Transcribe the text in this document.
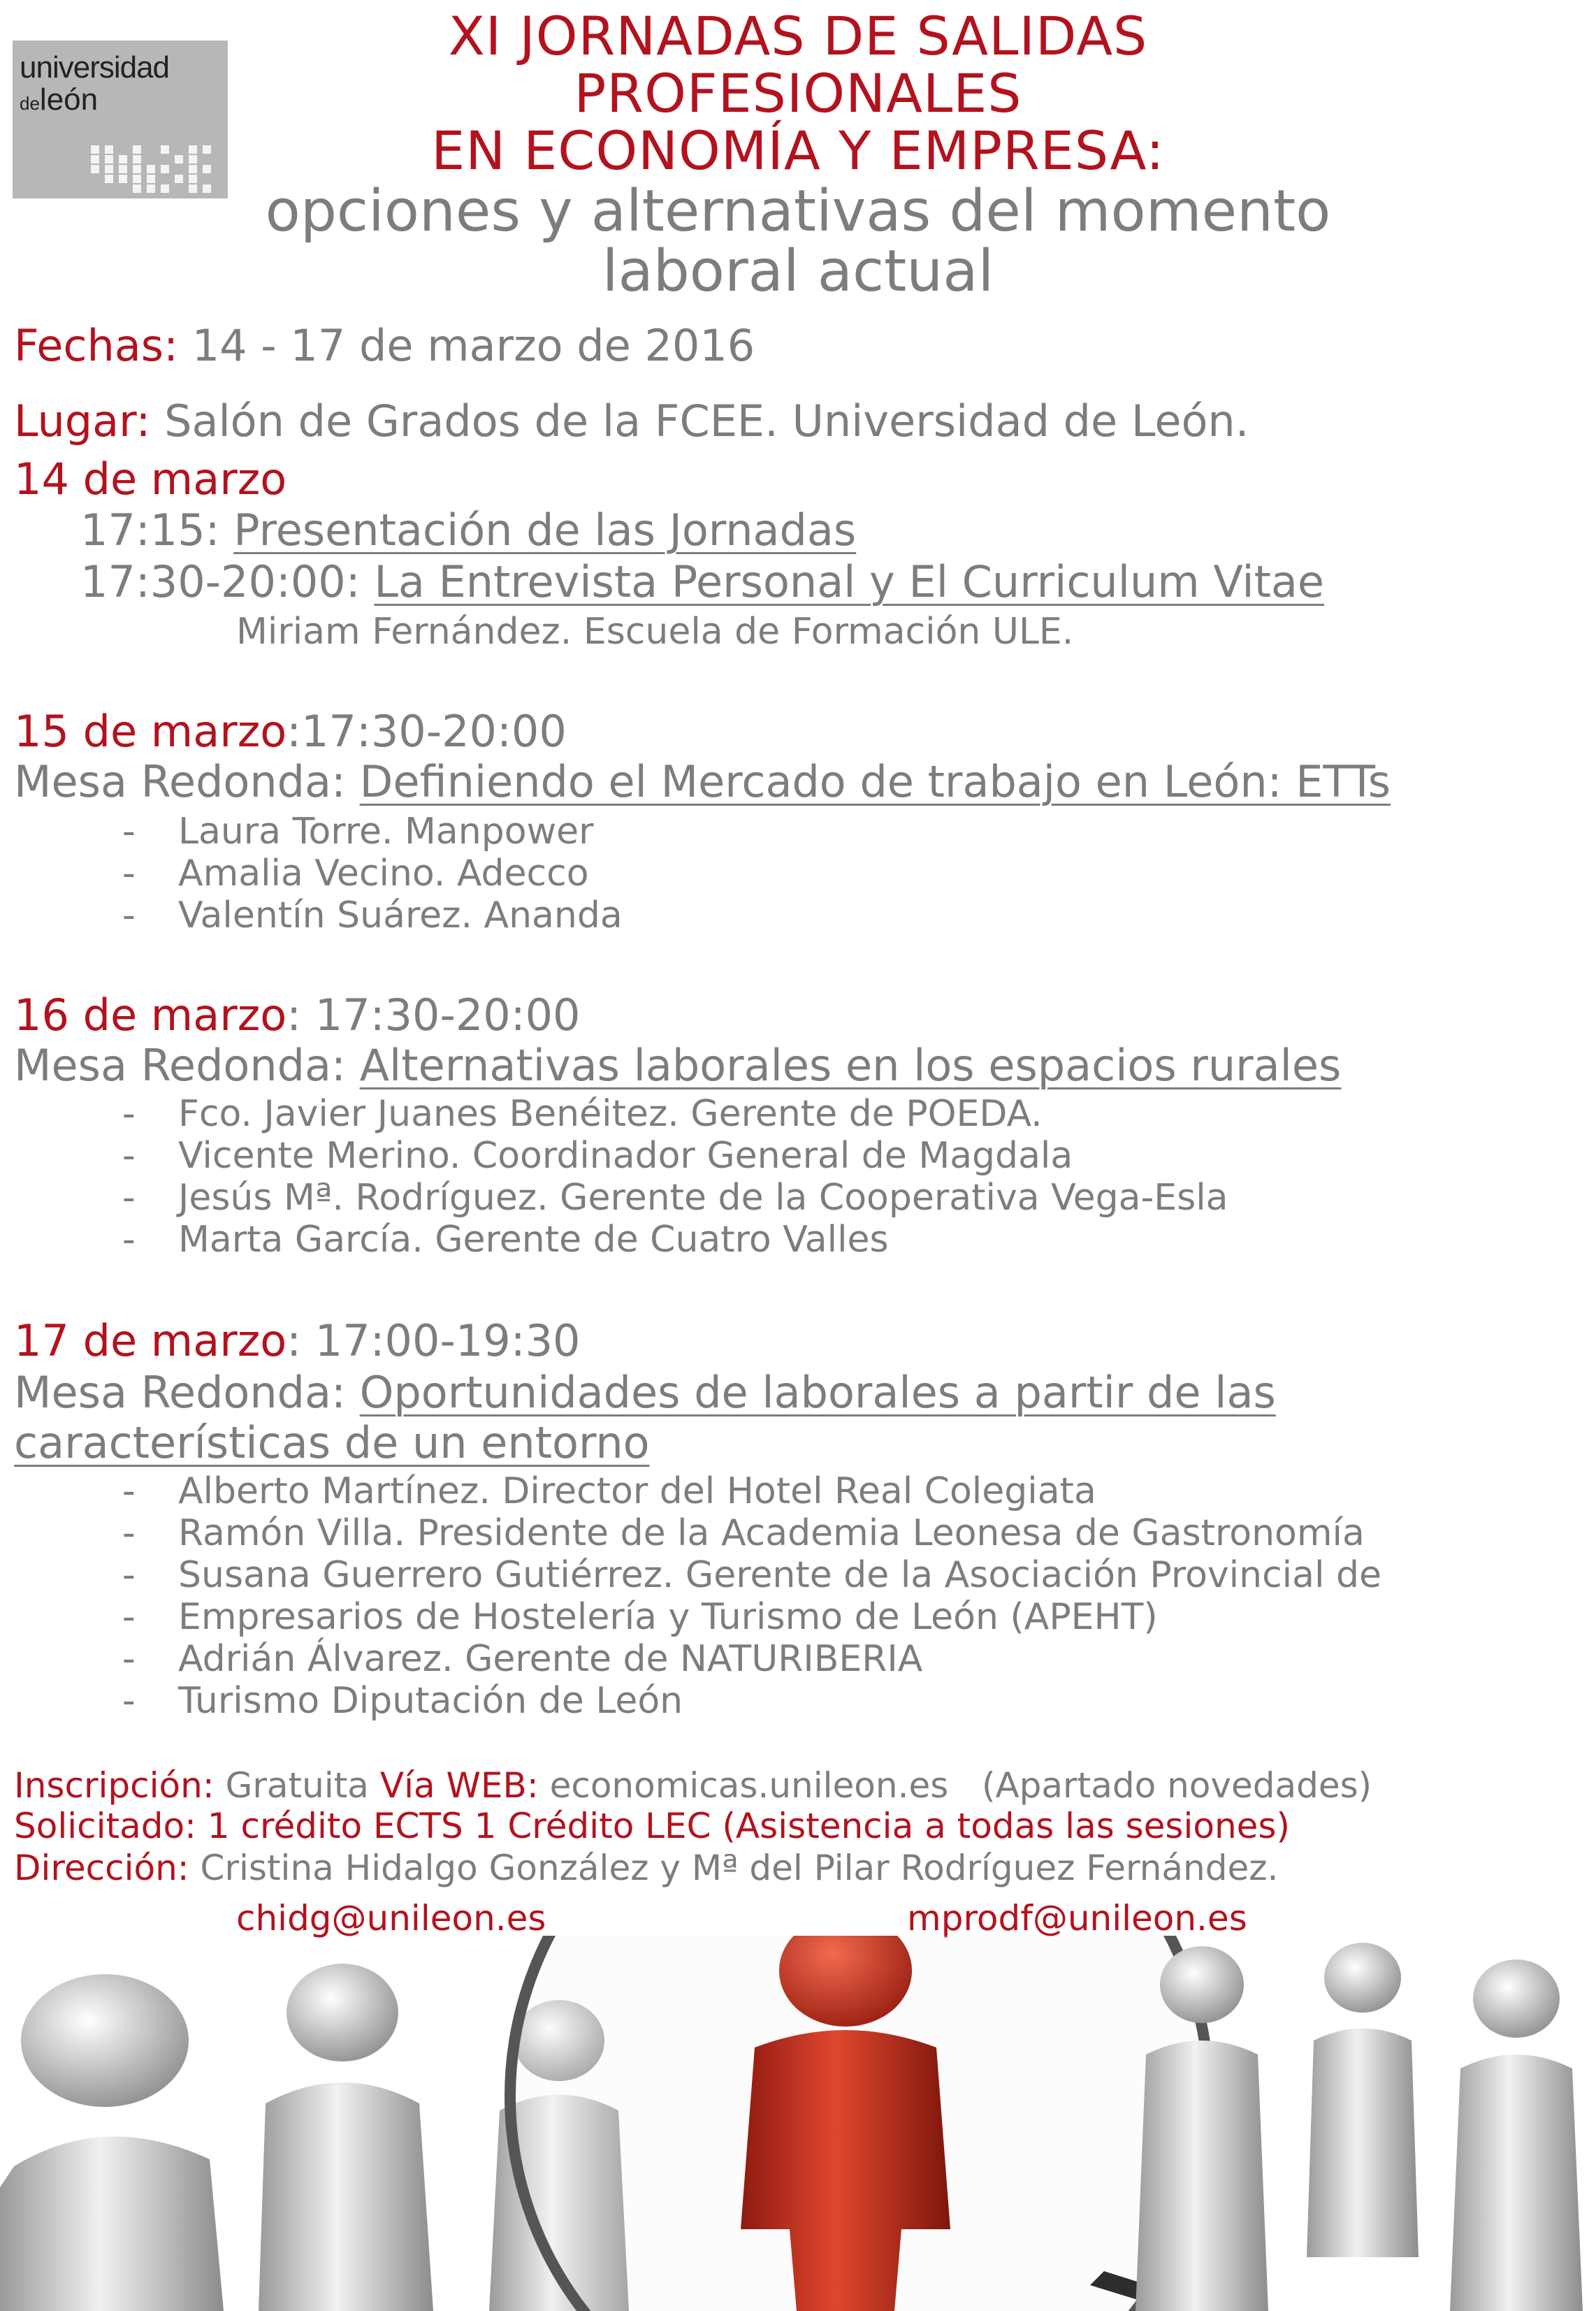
universidad
deleón
XI JORNADAS DE SALIDAS
PROFESIONALES
EN ECONOMÍA Y EMPRESA:
opciones y alternativas del momento
laboral actual
Fechas: 14 - 17 de marzo de 2016
Lugar: Salón de Grados de la FCEE. Universidad de León.
14 de marzo
17:15: Presentación de las Jornadas
17:30-20:00: La Entrevista Personal y El Curriculum Vitae
Miriam Fernández. Escuela de Formación ULE.
15 de marzo:17:30-20:00
Mesa Redonda: Definiendo el Mercado de trabajo en León: ETTs
- Laura Torre. Manpower
- Amalia Vecino. Adecco
- Valentín Suárez. Ananda
16 de marzo: 17:30-20:00
Mesa Redonda: Alternativas laborales en los espacios rurales
- Fco. Javier Juanes Benéitez. Gerente de POEDA.
- Vicente Merino. Coordinador General de Magdala
- Jesús Mª. Rodríguez. Gerente de la Cooperativa Vega-Esla
- Marta García. Gerente de Cuatro Valles
17 de marzo: 17:00-19:30
Mesa Redonda: Oportunidades de laborales a partir de las
características de un entorno
- Alberto Martínez. Director del Hotel Real Colegiata
- Ramón Villa. Presidente de la Academia Leonesa de Gastronomía
- Susana Guerrero Gutiérrez. Gerente de la Asociación Provincial de
- Empresarios de Hostelería y Turismo de León (APEHT)
- Adrián Álvarez. Gerente de NATURIBERIA
- Turismo Diputación de León
Inscripción: Gratuita Vía WEB: economicas.unileon.es (Apartado novedades)
Solicitado: 1 crédito ECTS 1 Crédito LEC (Asistencia a todas las sesiones)
Dirección: Cristina Hidalgo González y Mª del Pilar Rodríguez Fernández.
chidg@unileon.es	mprodf@unileon.es
